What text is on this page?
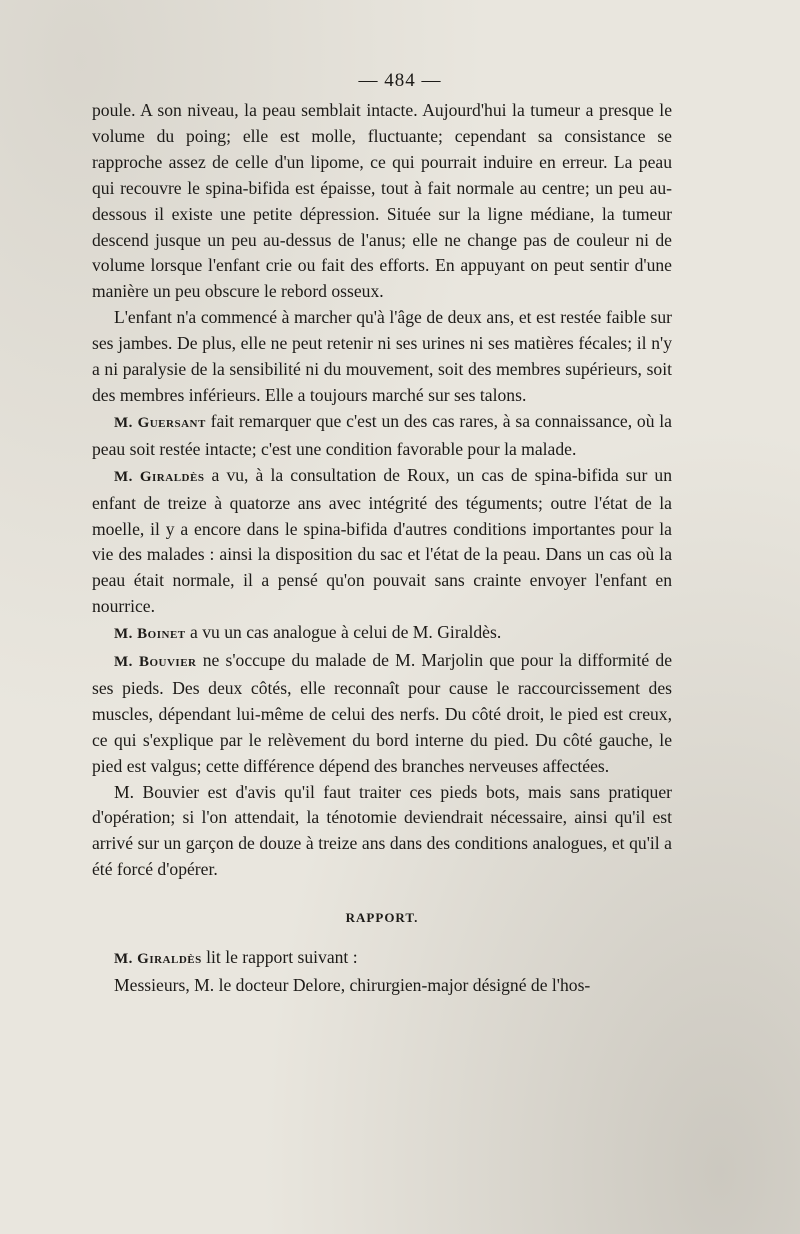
— 484 —

poule. A son niveau, la peau semblait intacte. Aujourd'hui la tumeur a presque le volume du poing; elle est molle, fluctuante; cependant sa consistance se rapproche assez de celle d'un lipome, ce qui pourrait induire en erreur. La peau qui recouvre le spina-bifida est épaisse, tout à fait normale au centre; un peu au-dessous il existe une petite dépression. Située sur la ligne médiane, la tumeur descend jusque un peu au-dessus de l'anus; elle ne change pas de couleur ni de volume lorsque l'enfant crie ou fait des efforts. En appuyant on peut sentir d'une manière un peu obscure le rebord osseux.

L'enfant n'a commencé à marcher qu'à l'âge de deux ans, et est restée faible sur ses jambes. De plus, elle ne peut retenir ni ses urines ni ses matières fécales; il n'y a ni paralysie de la sensibilité ni du mouvement, soit des membres supérieurs, soit des membres inférieurs. Elle a toujours marché sur ses talons.

M. Guersant fait remarquer que c'est un des cas rares, à sa connaissance, où la peau soit restée intacte; c'est une condition favorable pour la malade.

M. Giraldès a vu, à la consultation de Roux, un cas de spina-bifida sur un enfant de treize à quatorze ans avec intégrité des téguments; outre l'état de la moelle, il y a encore dans le spina-bifida d'autres conditions importantes pour la vie des malades : ainsi la disposition du sac et l'état de la peau. Dans un cas où la peau était normale, il a pensé qu'on pouvait sans crainte envoyer l'enfant en nourrice.

M. Boinet a vu un cas analogue à celui de M. Giraldès.

M. Bouvier ne s'occupe du malade de M. Marjolin que pour la difformité de ses pieds. Des deux côtés, elle reconnaît pour cause le raccourcissement des muscles, dépendant lui-même de celui des nerfs. Du côté droit, le pied est creux, ce qui s'explique par le relèvement du bord interne du pied. Du côté gauche, le pied est valgus; cette différence dépend des branches nerveuses affectées.

M. Bouvier est d'avis qu'il faut traiter ces pieds bots, mais sans pratiquer d'opération; si l'on attendait, la ténotomie deviendrait nécessaire, ainsi qu'il est arrivé sur un garçon de douze à treize ans dans des conditions analogues, et qu'il a été forcé d'opérer.

RAPPORT.

M. Giraldès lit le rapport suivant :

Messieurs, M. le docteur Delore, chirurgien-major désigné de l'hos-
